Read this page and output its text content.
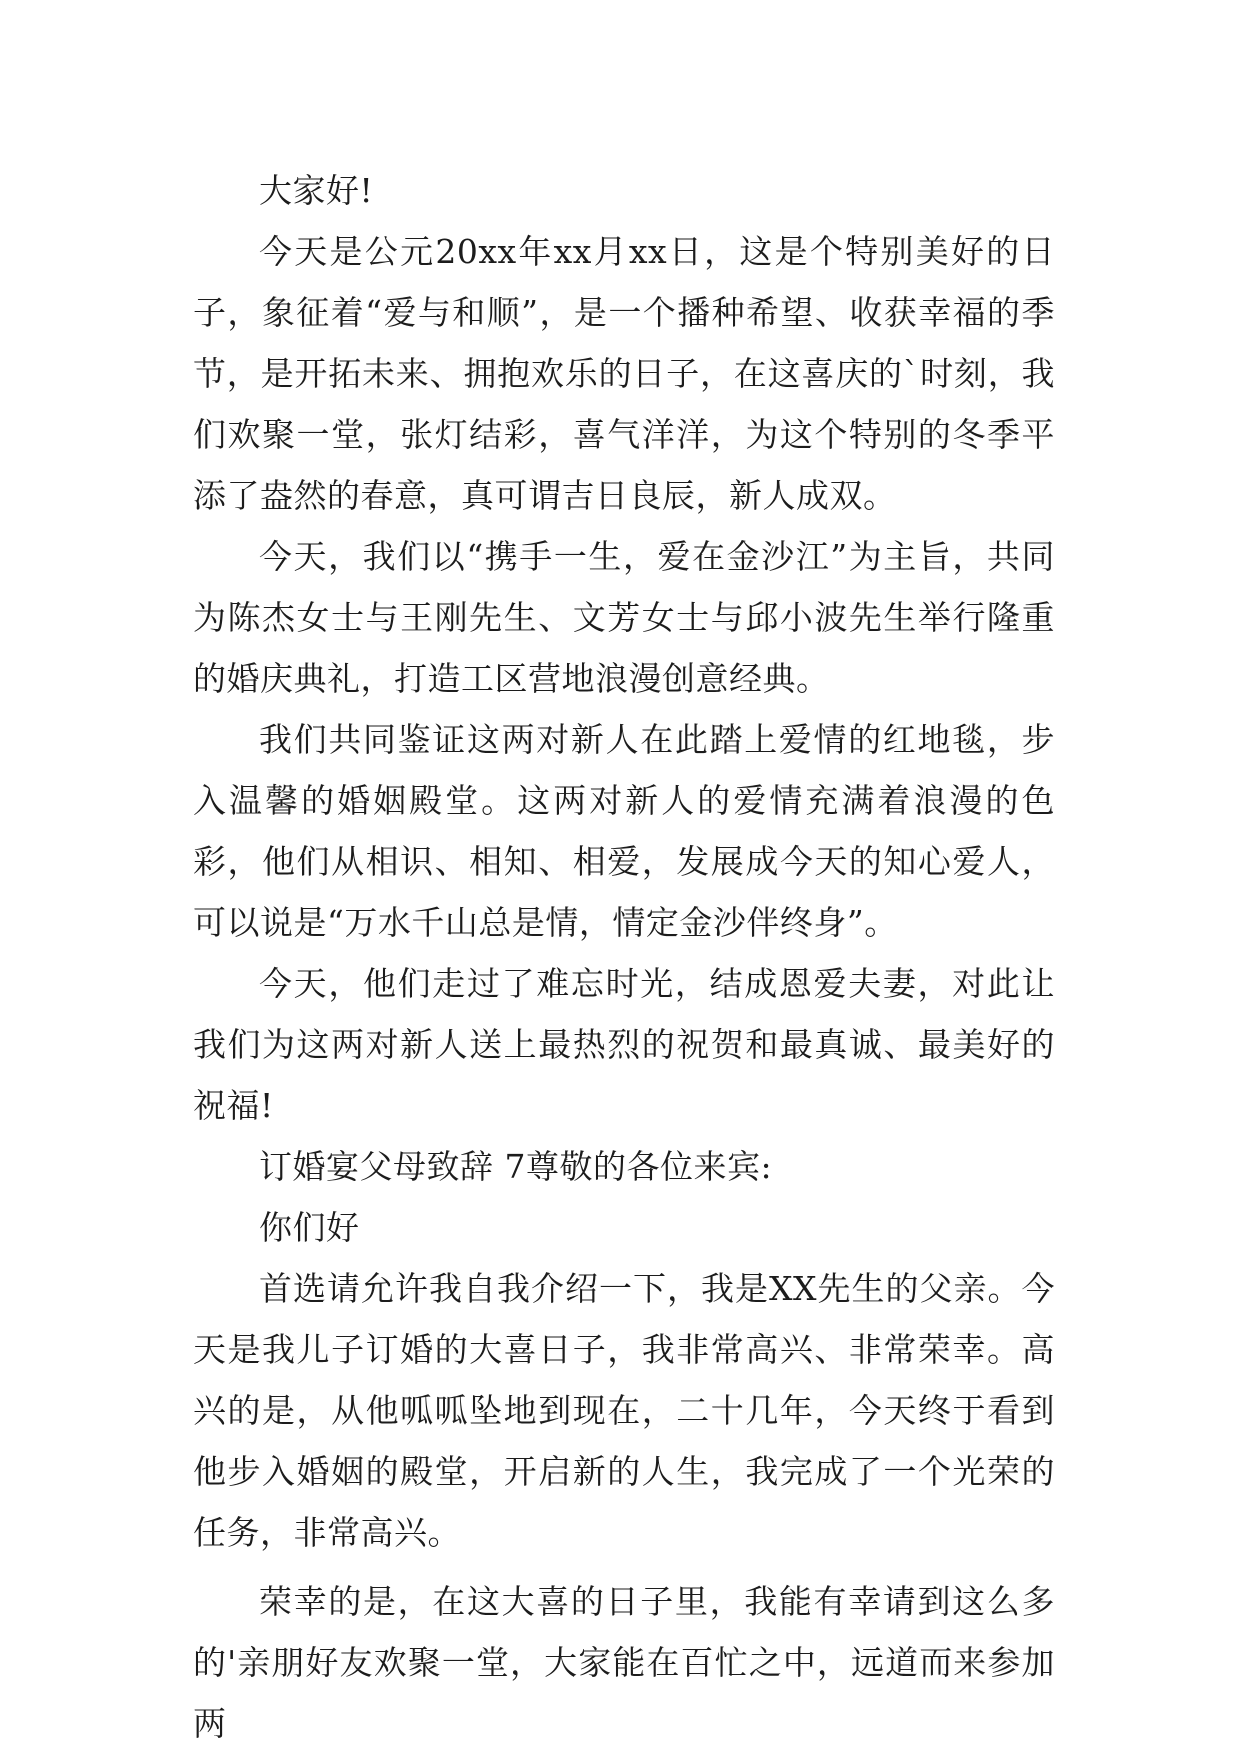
大家好!

今天是公元20xx年xx月xx日，这是个特别美好的日子，象征着“爱与和顺”，是一个播种希望、收获幸福的季节，是开拓未来、拥抱欢乐的日子，在这喜庆的`时刻，我们欢聚一堂，张灯结彩，喜气洋洋，为这个特别的冬季平添了盎然的春意，真可谓吉日良辰，新人成双。

今天，我们以“携手一生，爱在金沙江”为主旨，共同为陈杰女士与王刚先生、文芳女士与邱小波先生举行隆重的婚庆典礼，打造工区营地浪漫创意经典。

我们共同鉴证这两对新人在此踏上爱情的红地毯，步入温馨的婚姻殿堂。这两对新人的爱情充满着浪漫的色彩，他们从相识、相知、相爱，发展成今天的知心爱人，可以说是“万水千山总是情，情定金沙伴终身”。

今天，他们走过了难忘时光，结成恩爱夫妻，对此让我们为这两对新人送上最热烈的祝贺和最真诚、最美好的祝福!

订婚宴父母致辞 7尊敬的各位来宾:

你们好

首选请允许我自我介绍一下，我是XX先生的父亲。今天是我儿子订婚的大喜日子，我非常高兴、非常荣幸。高兴的是，从他呱呱坠地到现在，二十几年，今天终于看到他步入婚姻的殿堂，开启新的人生，我完成了一个光荣的任务，非常高兴。

荣幸的是，在这大喜的日子里，我能有幸请到这么多的'亲朋好友欢聚一堂，大家能在百忙之中，远道而来参加两
